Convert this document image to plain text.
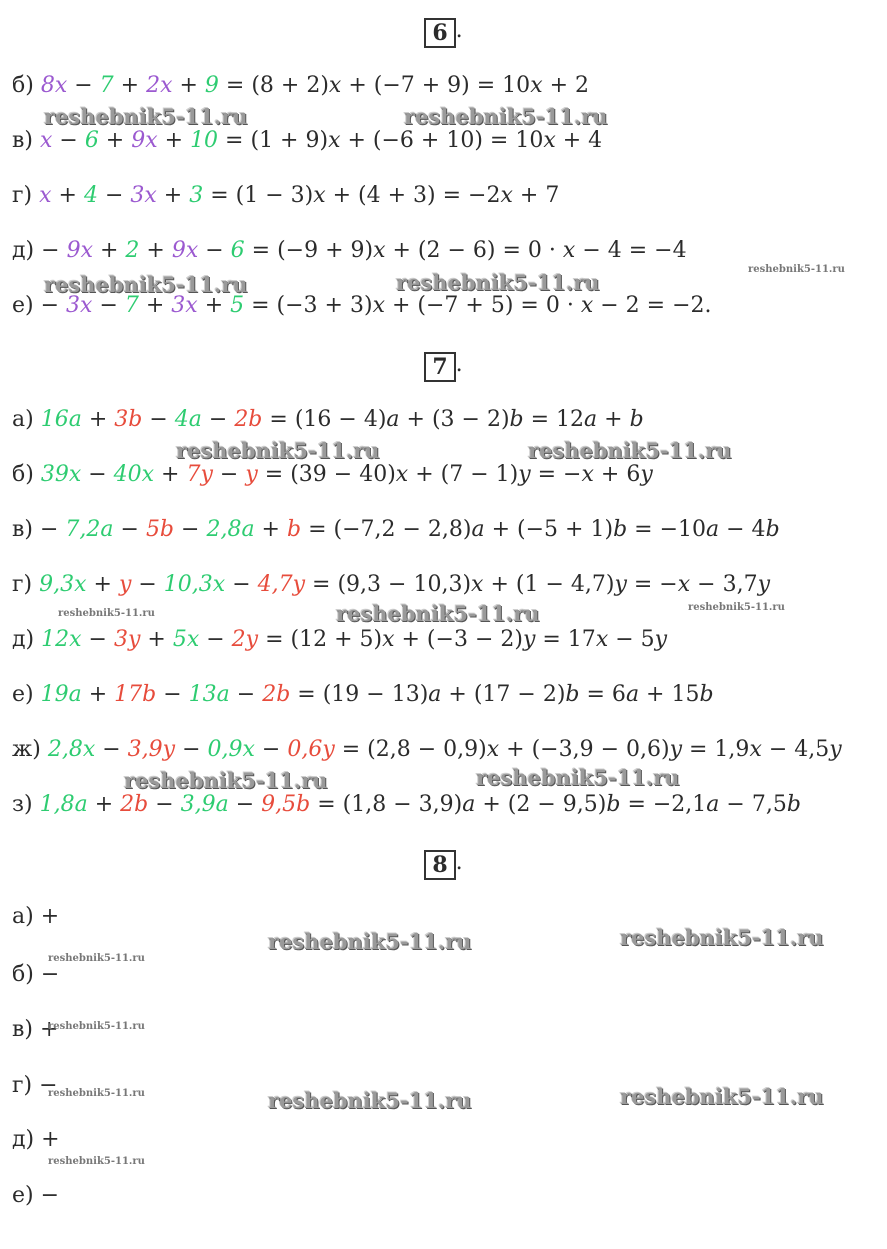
6 .
б) 8x − 7 + 2x + 9 = (8 + 2)x + (−7 + 9) = 10x + 2
в) x − 6 + 9x + 10 = (1 + 9)x + (−6 + 10) = 10x + 4
г) x + 4 − 3x + 3 = (1 − 3)x + (4 + 3) = −2x + 7
д) − 9x + 2 + 9x − 6 = (−9 + 9)x + (2 − 6) = 0 · x − 4 = −4
е) − 3x − 7 + 3x + 5 = (−3 + 3)x + (−7 + 5) = 0 · x − 2 = −2.
7 .
а) 16a + 3b − 4a − 2b = (16 − 4)a + (3 − 2)b = 12a + b
б) 39x − 40x + 7y − y = (39 − 40)x + (7 − 1)y = −x + 6y
в) − 7,2a − 5b − 2,8a + b = (−7,2 − 2,8)a + (−5 + 1)b = −10a − 4b
г) 9,3x + y − 10,3x − 4,7y = (9,3 − 10,3)x + (1 − 4,7)y = −x − 3,7y
д) 12x − 3y + 5x − 2y = (12 + 5)x + (−3 − 2)y = 17x − 5y
е) 19a + 17b − 13a − 2b = (19 − 13)a + (17 − 2)b = 6a + 15b
ж) 2,8x − 3,9y − 0,9x − 0,6y = (2,8 − 0,9)x + (−3,9 − 0,6)y = 1,9x − 4,5y
з) 1,8a + 2b − 3,9a − 9,5b = (1,8 − 3,9)a + (2 − 9,5)b = −2,1a − 7,5b
8 .
а) +
б) −
в) +
г) −
д) +
е) −
reshebnik5-11.ru	reshebnik5-11.ru
reshebnik5-11.ru	reshebnik5-11.ru
reshebnik5-11.ru
reshebnik5-11.ru	reshebnik5-11.ru
reshebnik5-11.ru	reshebnik5-11.ru	reshebnik5-11.ru
reshebnik5-11.ru	reshebnik5-11.ru
reshebnik5-11.ru	reshebnik5-11.ru
reshebnik5-11.ru
reshebnik5-11.ru
reshebnik5-11.ru	reshebnik5-11.ru	reshebnik5-11.ru
reshebnik5-11.ru
